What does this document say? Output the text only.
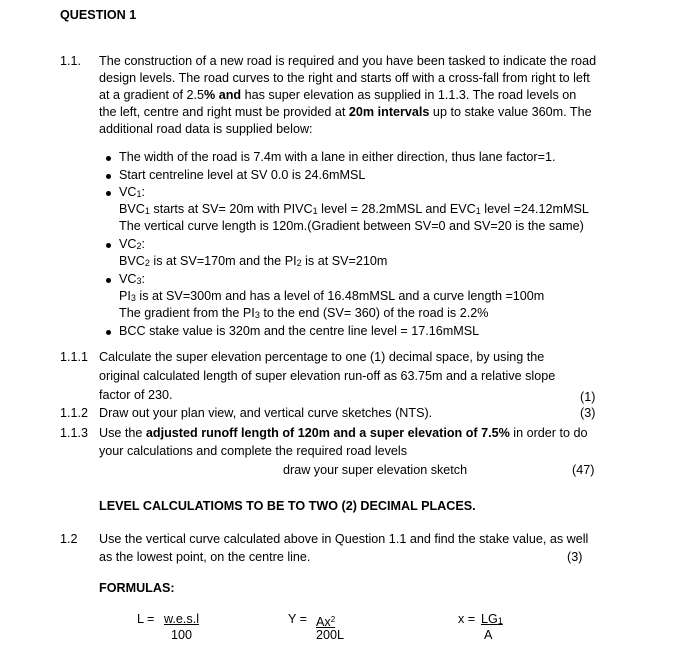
QUESTION 1
1.1. The construction of a new road is required and you have been tasked to indicate the road
design levels. The road curves to the right and starts off with a cross-fall from right to left
at a gradient of 2.5% and has super elevation as supplied in 1.1.3. The road levels on
the left, centre and right must be provided at 20m intervals up to stake value 360m. The
additional road data is supplied below:
The width of the road is 7.4m with a lane in either direction, thus lane factor=1.
Start centreline level at SV 0.0 is 24.6mMSL
$VC_1$:
$BVC_1$ starts at SV= 20m with $PIVC_1$ level = 28.2mMSL and $EVC_1$ level =24.12mMSL
The vertical curve length is 120m.(Gradient between SV=0 and SV=20 is the same)
$VC_2$:
$BVC_2$ is at SV=170m and the $PI_2$ is at SV=210m
$VC_3$:
$PI_3$ is at SV=300m and has a level of 16.48mMSL and a curve length =100m
The gradient from the $PI_3$ to the end (SV= 360) of the road is 2.2%
BCC stake value is 320m and the centre line level = 17.16mMSL
1.1.1 Calculate the super elevation percentage to one (1) decimal space, by using the
original calculated length of super elevation run-off as 63.75m and a relative slope
factor of 230.	(1)
1.1.2 Draw out your plan view, and vertical curve sketches (NTS).	(3)
1.1.3 Use the adjusted runoff length of 120m and a super elevation of 7.5% in order to do
your calculations and complete the required road levels
draw your super elevation sketch	(47)
LEVEL CALCULATIOMS TO BE TO TWO (2) DECIMAL PLACES.
1.2 Use the vertical curve calculated above in Question 1.1 and find the stake value, as well
as the lowest point, on the centre line.	(3)
FORMULAS:
L = w.e.s.l
100
$Y = Ax^2$
200L
$x = LG_1$
A
